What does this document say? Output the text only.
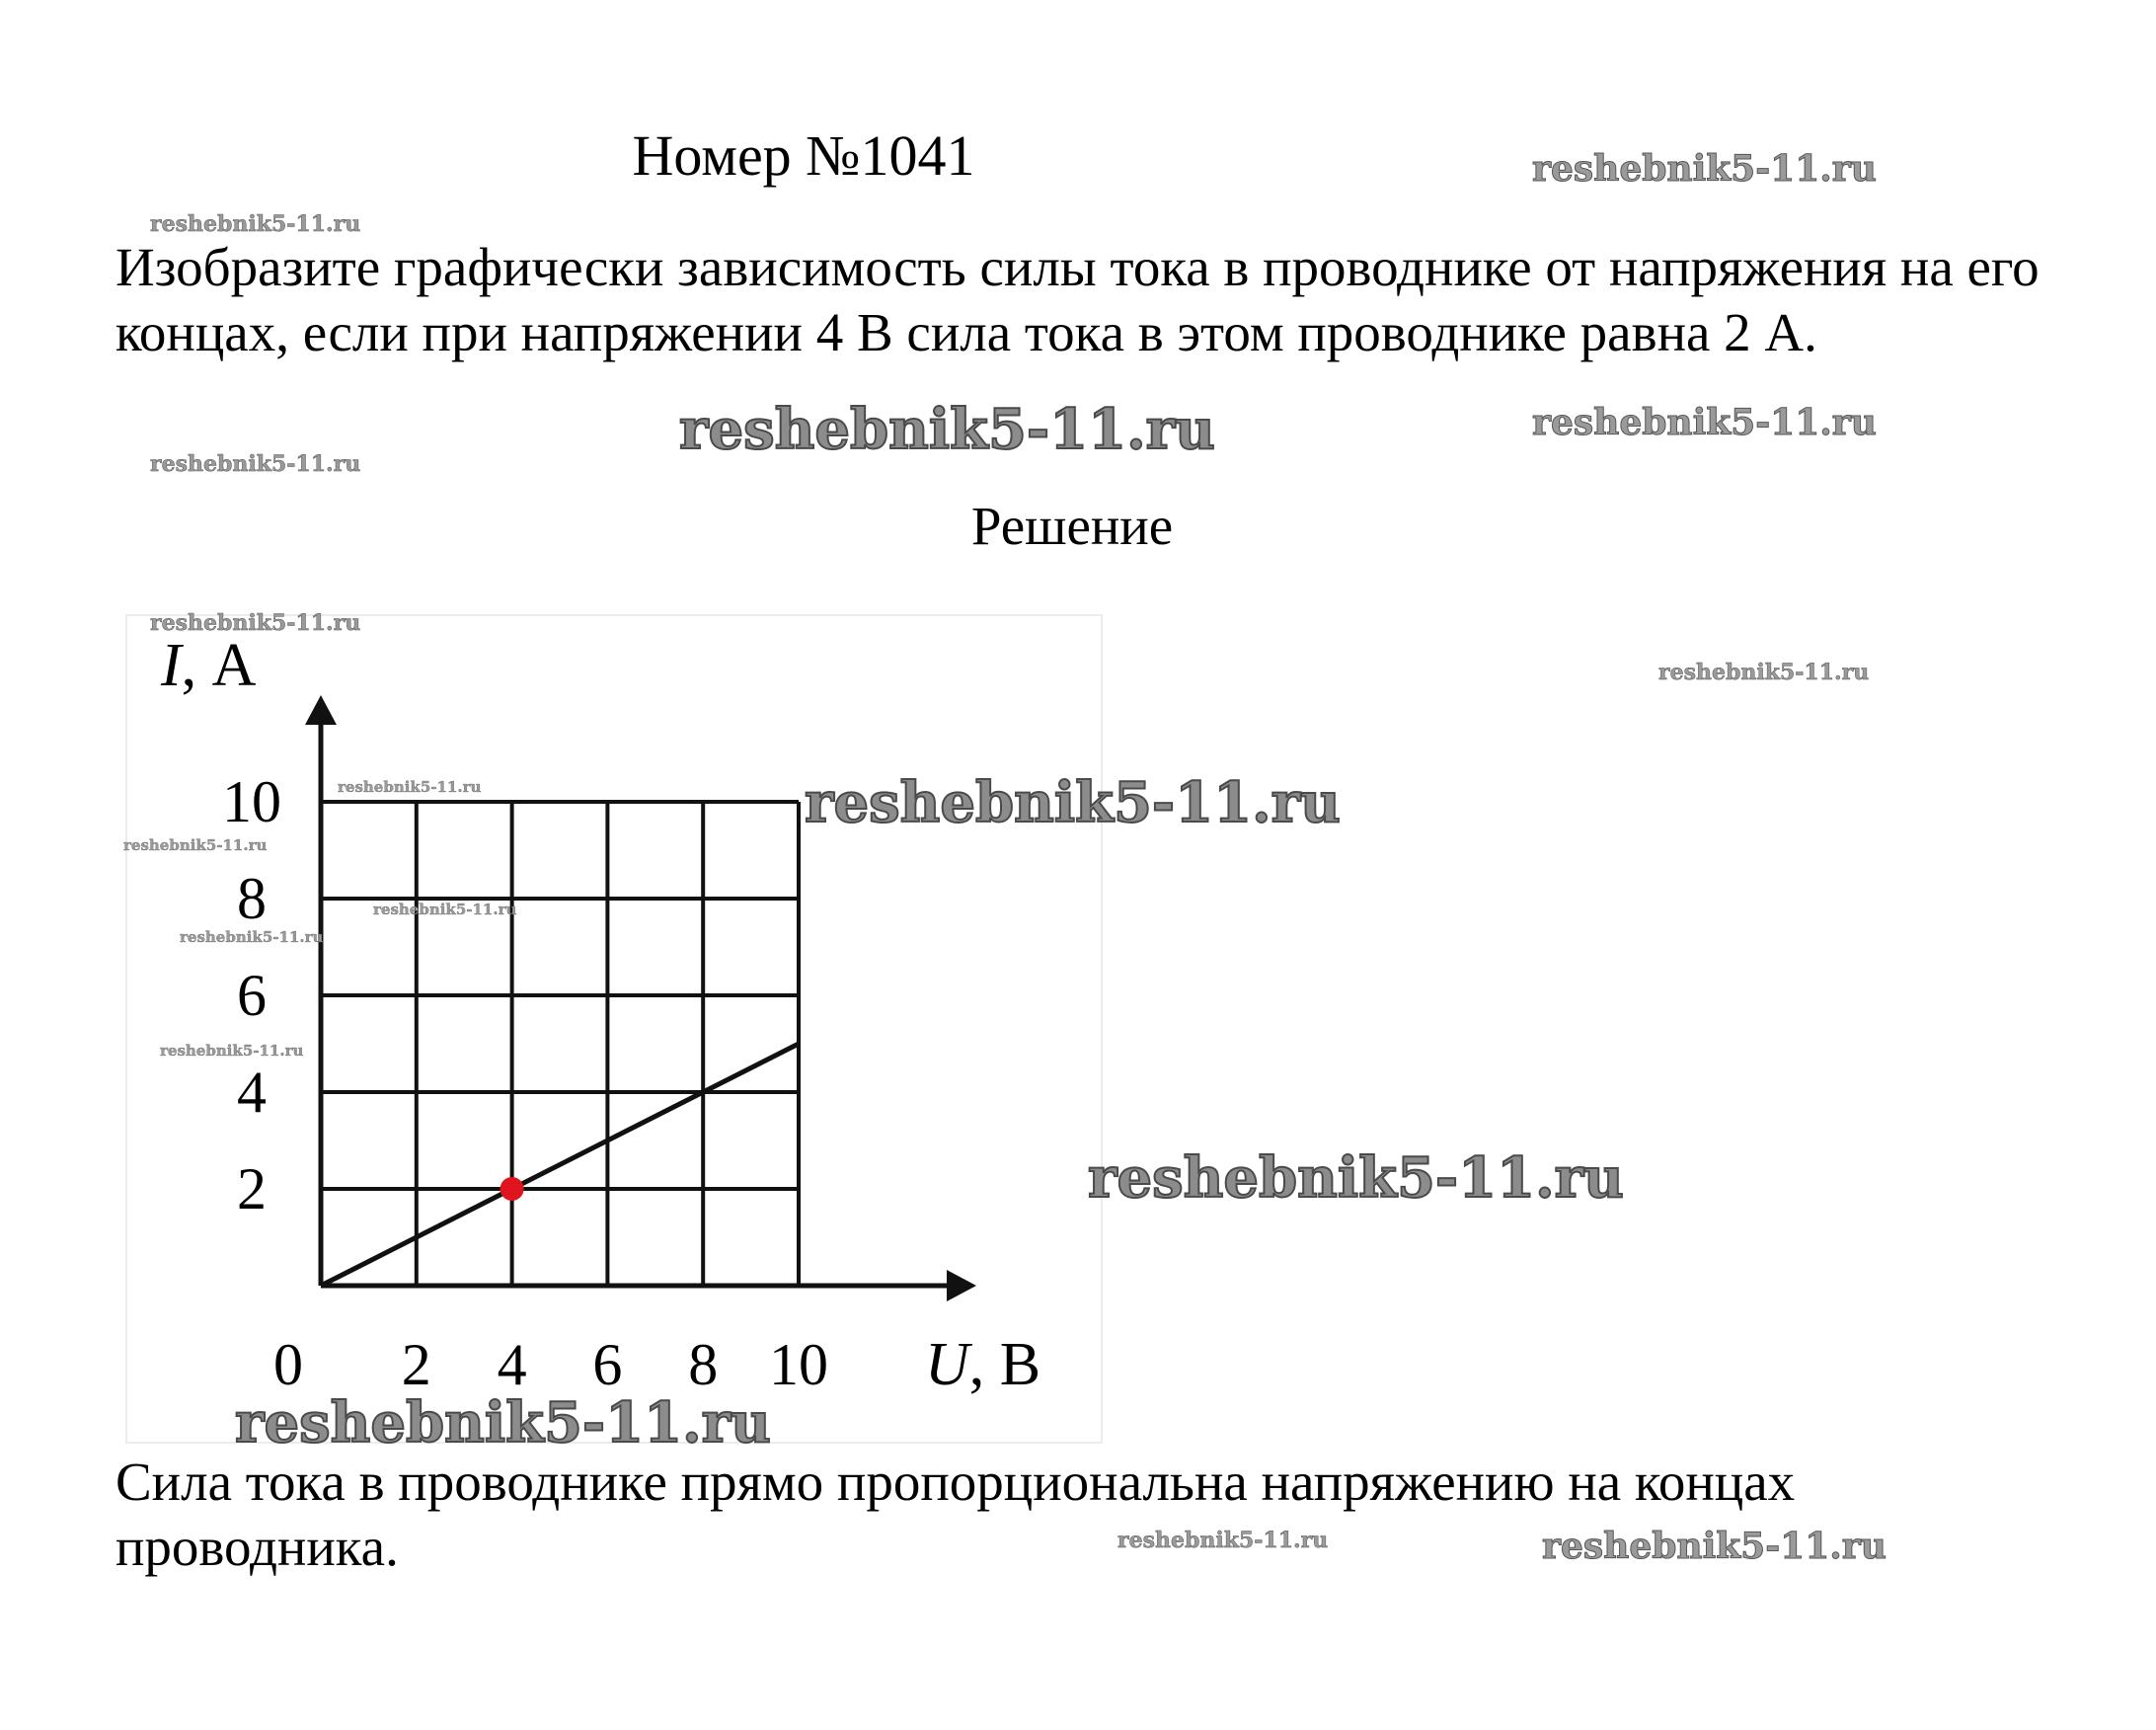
Номер №1041
Изобразите графически зависимость силы тока в проводнике от напряжения на его концах, если при напряжении 4 В сила тока в этом проводнике равна 2 А.
Решение
2
4
6
8
10
0 2 4 6 8 10
I, А
U, В
Сила тока в проводнике прямо пропорциональна напряжению на концах проводника.
reshebnik5-11.ru
reshebnik5-11.ru
reshebnik5-11.ru	reshebnik5-11.ru
reshebnik5-11.ru
reshebnik5-11.ru
reshebnik5-11.ru
reshebnik5-11.ru	reshebnik5-11.ru
reshebnik5-11.ru
reshebnik5-11.ru
reshebnik5-11.ru
reshebnik5-11.ru
reshebnik5-11.ru
reshebnik5-11.ru
reshebnik5-11.ru	reshebnik5-11.ru
